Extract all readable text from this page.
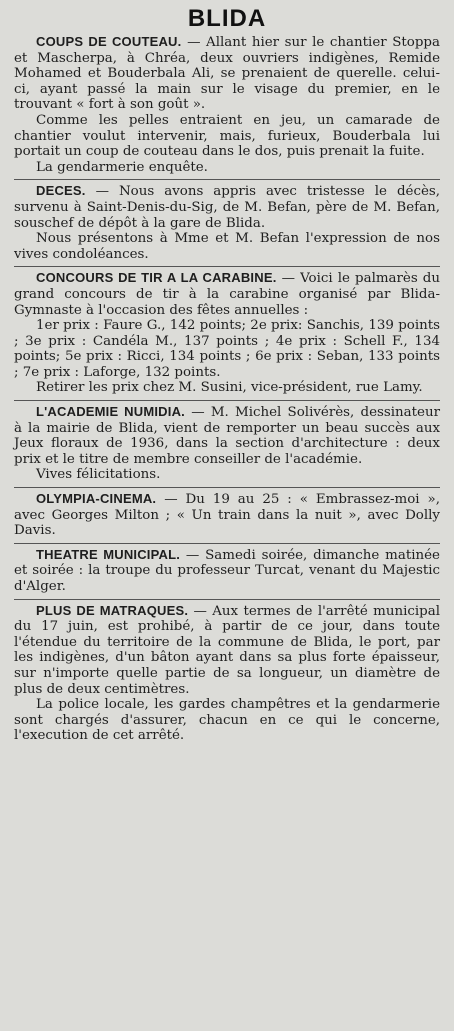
BLIDA

COUPS DE COUTEAU. — Allant hier sur le chantier Stoppa et Mascherpa, à Chréa, deux ouvriers indigènes, Remide Mohamed et Bouderbala Ali, se prenaient de querelle. celui-ci, ayant passé la main sur le visage du premier, en le trouvant « fort à son goût ».

Comme les pelles entraient en jeu, un camarade de chantier voulut intervenir, mais, furieux, Bouderbala lui portait un coup de couteau dans le dos, puis prenait la fuite.

La gendarmerie enquête.

DECES. — Nous avons appris avec tristesse le décès, survenu à Saint-Denis-du-Sig, de M. Befan, père de M. Befan, souschef de dépôt à la gare de Blida.

Nous présentons à Mme et M. Befan l'expression de nos vives condoléances.

CONCOURS DE TIR A LA CARABINE. — Voici le palmarès du grand concours de tir à la carabine organisé par Blida-Gymnaste à l'occasion des fêtes annuelles :

1er prix : Faure G., 142 points; 2e prix: Sanchis, 139 points ; 3e prix : Candéla M., 137 points ; 4e prix : Schell F., 134 points; 5e prix : Ricci, 134 points ; 6e prix : Seban, 133 points ; 7e prix : Laforge, 132 points.

Retirer les prix chez M. Susini, vice-président, rue Lamy.

L'ACADEMIE NUMIDIA. — M. Michel Solivérès, dessinateur à la mairie de Blida, vient de remporter un beau succès aux Jeux floraux de 1936, dans la section d'architecture : deux prix et le titre de membre conseiller de l'académie.

Vives félicitations.

OLYMPIA-CINEMA. — Du 19 au 25 : « Embrassez-moi », avec Georges Milton ; « Un train dans la nuit », avec Dolly Davis.

THEATRE MUNICIPAL. — Samedi soirée, dimanche matinée et soirée : la troupe du professeur Turcat, venant du Majestic d'Alger.

PLUS DE MATRAQUES. — Aux termes de l'arrêté municipal du 17 juin, est prohibé, à partir de ce jour, dans toute l'étendue du territoire de la commune de Blida, le port, par les indigènes, d'un bâton ayant dans sa plus forte épaisseur, sur n'importe quelle partie de sa longueur, un diamètre de plus de deux centimètres.

La police locale, les gardes champêtres et la gendarmerie sont chargés d'assurer, chacun en ce qui le concerne, l'execution de cet arrêté.
